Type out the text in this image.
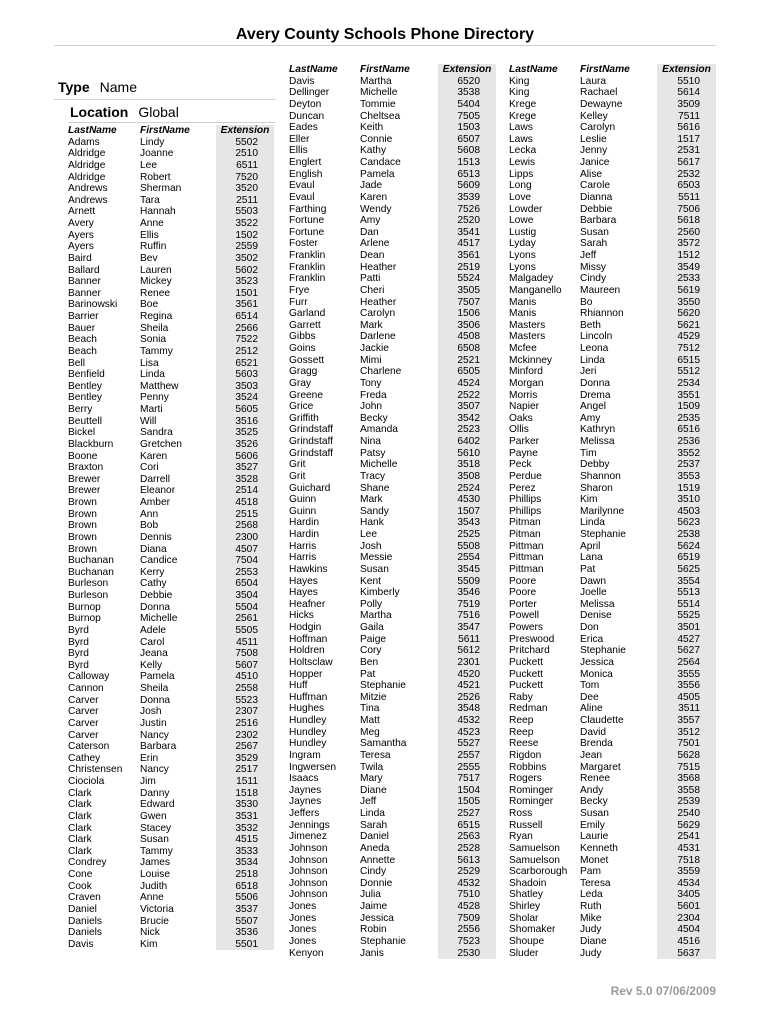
Avery County Schools Phone Directory
Type Name
Location Global
LastName	FirstName	Extension
Adams	Lindy	5502
Aldridge	Joanne	2510
Aldridge	Lee	6511
Aldridge	Robert	7520
Andrews	Sherman	3520
Andrews	Tara	2511
Arnett	Hannah	5503
Avery	Anne	3522
Ayers	Ellis	1502
Ayers	Ruffin	2559
Baird	Bev	3502
Ballard	Lauren	5602
Banner	Mickey	3523
Banner	Renee	1501
Barinowski	Boe	3561
Barrier	Regina	6514
Bauer	Sheila	2566
Beach	Sonia	7522
Beach	Tammy	2512
Bell	Lisa	6521
Benfield	Linda	5603
Bentley	Matthew	3503
Bentley	Penny	3524
Berry	Marti	5605
Beuttell	Will	3516
Bickel	Sandra	3525
Blackburn	Gretchen	3526
Boone	Karen	5606
Braxton	Cori	3527
Brewer	Darrell	3528
Brewer	Eleanor	2514
Brown	Amber	4518
Brown	Ann	2515
Brown	Bob	2568
Brown	Dennis	2300
Brown	Diana	4507
Buchanan	Candice	7504
Buchanan	Kerry	2553
Burleson	Cathy	6504
Burleson	Debbie	3504
Burnop	Donna	5504
Burnop	Michelle	2561
Byrd	Adele	5505
Byrd	Carol	4511
Byrd	Jeana	7508
Byrd	Kelly	5607
Calloway	Pamela	4510
Cannon	Sheila	2558
Carver	Donna	5523
Carver	Josh	2307
Carver	Justin	2516
Carver	Nancy	2302
Caterson	Barbara	2567
Cathey	Erin	3529
Christensen	Nancy	2517
Ciociola	Jim	1511
Clark	Danny	1518
Clark	Edward	3530
Clark	Gwen	3531
Clark	Stacey	3532
Clark	Susan	4515
Clark	Tammy	3533
Condrey	James	3534
Cone	Louise	2518
Cook	Judith	6518
Craven	Anne	5506
Daniel	Victoria	3537
Daniels	Brucie	5507
Daniels	Nick	3536
Davis	Kim	5501
LastName	FirstName	Extension
Davis	Martha	6520
Dellinger	Michelle	3538
Deyton	Tommie	5404
Duncan	Cheltsea	7505
Eades	Keith	1503
Eller	Connie	6507
Ellis	Kathy	5608
Englert	Candace	1513
English	Pamela	6513
Evaul	Jade	5609
Evaul	Karen	3539
Farthing	Wendy	7526
Fortune	Amy	2520
Fortune	Dan	3541
Foster	Arlene	4517
Franklin	Dean	3561
Franklin	Heather	2519
Franklin	Patti	5524
Frye	Cheri	3505
Furr	Heather	7507
Garland	Carolyn	1506
Garrett	Mark	3506
Gibbs	Darlene	4508
Goins	Jackie	6508
Gossett	Mimi	2521
Gragg	Charlene	6505
Gray	Tony	4524
Greene	Freda	2522
Grice	John	3507
Griffith	Becky	3542
Grindstaff	Amanda	2523
Grindstaff	Nina	6402
Grindstaff	Patsy	5610
Grit	Michelle	3518
Grit	Tracy	3508
Guichard	Shane	2524
Guinn	Mark	4530
Guinn	Sandy	1507
Hardin	Hank	3543
Hardin	Lee	2525
Harris	Josh	5508
Harris	Messie	2554
Hawkins	Susan	3545
Hayes	Kent	5509
Hayes	Kimberly	3546
Heafner	Polly	7519
Hicks	Martha	7516
Hodgin	Gaila	3547
Hoffman	Paige	5611
Holdren	Cory	5612
Holtsclaw	Ben	2301
Hopper	Pat	4520
Huff	Stephanie	4521
Huffman	Mitzie	2526
Hughes	Tina	3548
Hundley	Matt	4532
Hundley	Meg	4523
Hundley	Samantha	5527
Ingram	Teresa	2557
Ingwersen	Twila	2555
Isaacs	Mary	7517
Jaynes	Diane	1504
Jaynes	Jeff	1505
Jeffers	Linda	2527
Jennings	Sarah	6515
Jimenez	Daniel	2563
Johnson	Aneda	2528
Johnson	Annette	5613
Johnson	Cindy	2529
Johnson	Donnie	4532
Johnson	Julia	7510
Jones	Jaime	4528
Jones	Jessica	7509
Jones	Robin	2556
Jones	Stephanie	7523
Kenyon	Janis	2530
LastName	FirstName	Extension
King	Laura	5510
King	Rachael	5614
Krege	Dewayne	3509
Krege	Kelley	7511
Laws	Carolyn	5616
Laws	Leslie	1517
Lecka	Jenny	2531
Lewis	Janice	5617
Lipps	Alise	2532
Long	Carole	6503
Love	Dianna	5511
Lowder	Debbie	7506
Lowe	Barbara	5618
Lustig	Susan	2560
Lyday	Sarah	3572
Lyons	Jeff	1512
Lyons	Missy	3549
Malgadey	Cindy	2533
Manganello	Maureen	5619
Manis	Bo	3550
Manis	Rhiannon	5620
Masters	Beth	5621
Masters	Lincoln	4529
Mcfee	Leona	7512
Mckinney	Linda	6515
Minford	Jeri	5512
Morgan	Donna	2534
Morris	Drema	3551
Napier	Angel	1509
Oaks	Amy	2535
Ollis	Kathryn	6516
Parker	Melissa	2536
Payne	Tim	3552
Peck	Debby	2537
Perdue	Shannon	3553
Perez	Sharon	1519
Phillips	Kim	3510
Phillips	Marilynne	4503
Pitman	Linda	5623
Pitman	Stephanie	2538
Pittman	April	5624
Pittman	Lana	6519
Pittman	Pat	5625
Poore	Dawn	3554
Poore	Joelle	5513
Porter	Melissa	5514
Powell	Denise	5525
Powers	Don	3501
Preswood	Erica	4527
Pritchard	Stephanie	5627
Puckett	Jessica	2564
Puckett	Monica	3555
Puckett	Tom	3556
Raby	Dee	4505
Redman	Aline	3511
Reep	Claudette	3557
Reep	David	3512
Reese	Brenda	7501
Rigdon	Jean	5628
Robbins	Margaret	7515
Rogers	Renee	3568
Rominger	Andy	3558
Rominger	Becky	2539
Ross	Susan	2540
Russell	Emily	5629
Ryan	Laurie	2541
Samuelson	Kenneth	4531
Samuelson	Monet	7518
Scarborough	Pam	3559
Shadoin	Teresa	4534
Shatley	Leda	3405
Shirley	Ruth	5601
Sholar	Mike	2304
Shomaker	Judy	4504
Shoupe	Diane	4516
Sluder	Judy	5637
Rev 5.0 07/06/2009
